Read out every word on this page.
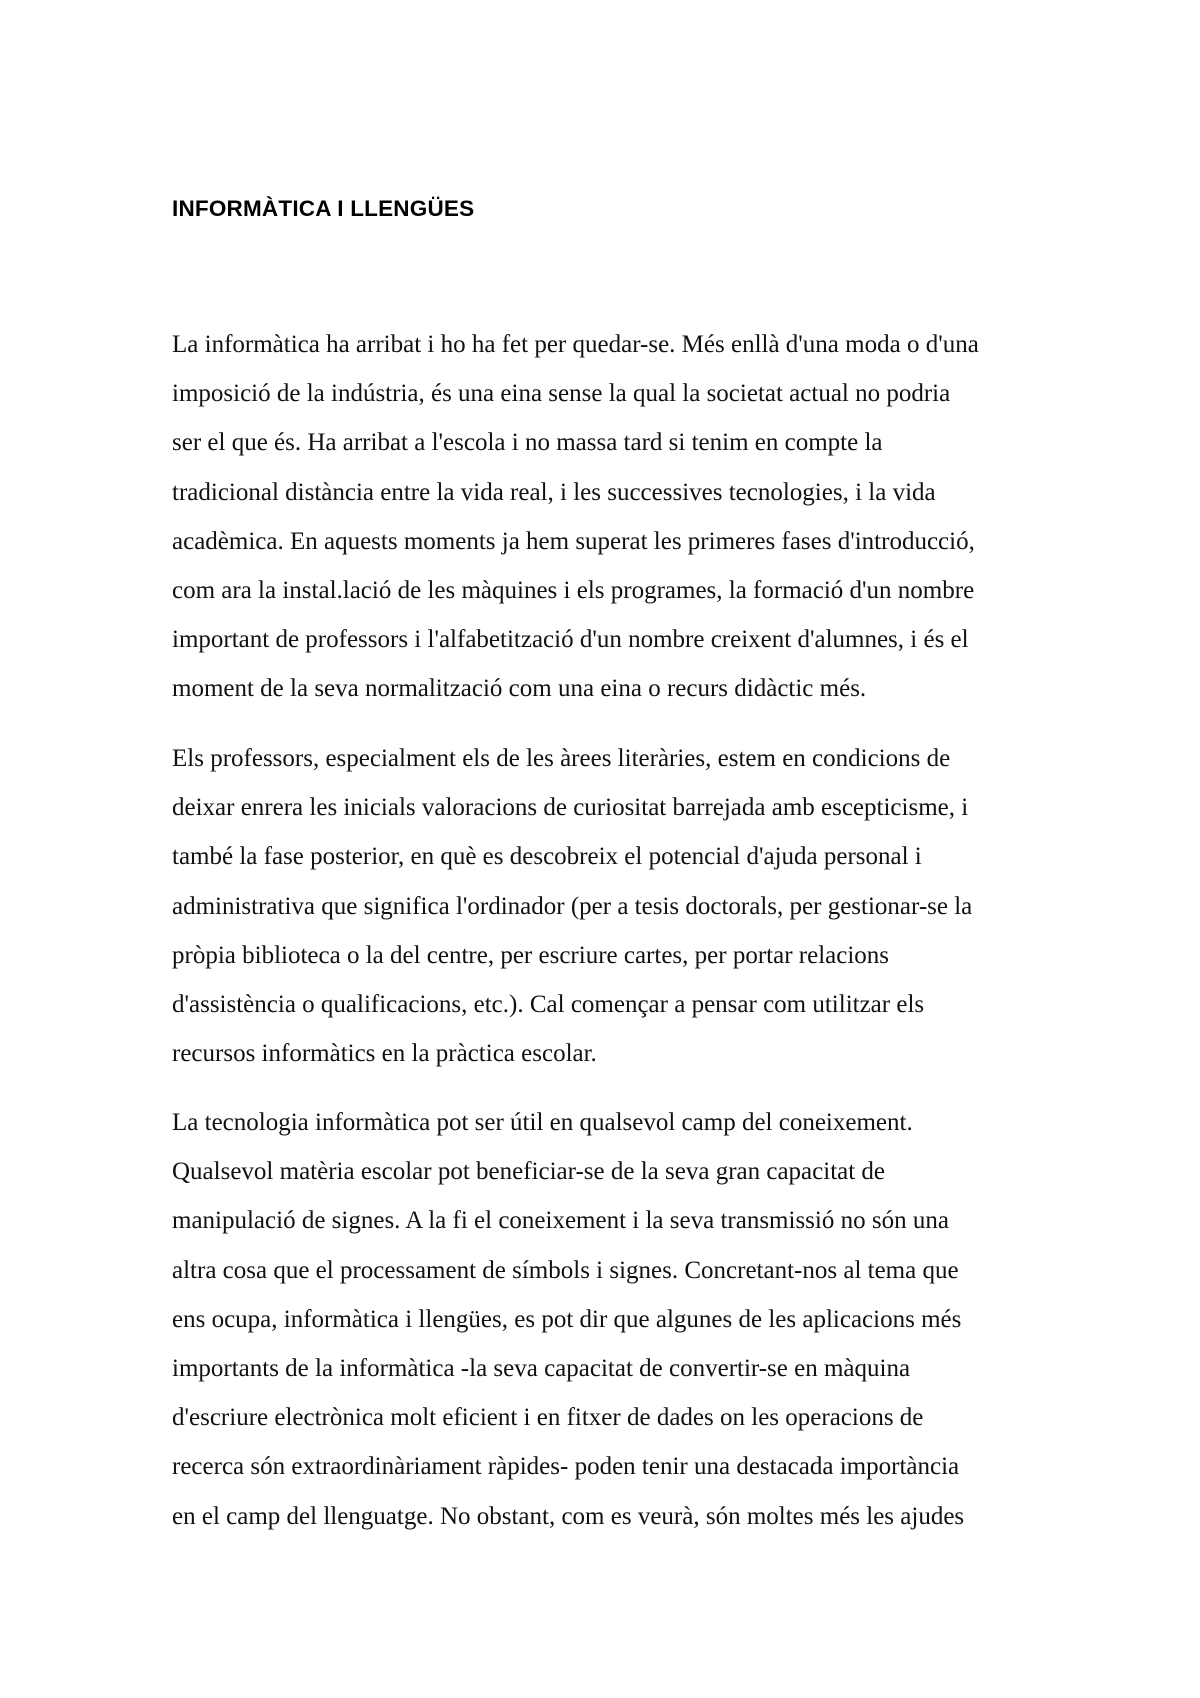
INFORMÀTICA I LLENGÜES

La informàtica ha arribat i ho ha fet per quedar-se. Més enllà d'una moda o d'una
imposició de la indústria, és una eina sense la qual la societat actual no podria
ser el que és. Ha arribat a l'escola i no massa tard si tenim en compte la
tradicional distància entre la vida real, i les successives tecnologies, i la vida
acadèmica. En aquests moments ja hem superat les primeres fases d'introducció,
com ara la instal.lació de les màquines i els programes, la formació d'un nombre
important de professors i l'alfabetització d'un nombre creixent d'alumnes, i és el
moment de la seva normalització com una eina o recurs didàctic més.

Els professors, especialment els de les àrees literàries, estem en condicions de
deixar enrera les inicials valoracions de curiositat barrejada amb escepticisme, i
també la fase posterior, en què es descobreix el potencial d'ajuda personal i
administrativa que significa l'ordinador (per a tesis doctorals, per gestionar-se la
pròpia biblioteca o la del centre, per escriure cartes, per portar relacions
d'assistència o qualificacions, etc.). Cal començar a pensar com utilitzar els
recursos informàtics en la pràctica escolar.

La tecnologia informàtica pot ser útil en qualsevol camp del coneixement.
Qualsevol matèria escolar pot beneficiar-se de la seva gran capacitat de
manipulació de signes. A la fi el coneixement i la seva transmissió no són una
altra cosa que el processament de símbols i signes. Concretant-nos al tema que
ens ocupa, informàtica i llengües, es pot dir que algunes de les aplicacions més
importants de la informàtica -la seva capacitat de convertir-se en màquina
d'escriure electrònica molt eficient i en fitxer de dades on les operacions de
recerca són extraordinàriament ràpides- poden tenir una destacada importància
en el camp del llenguatge. No obstant, com es veurà, són moltes més les ajudes
